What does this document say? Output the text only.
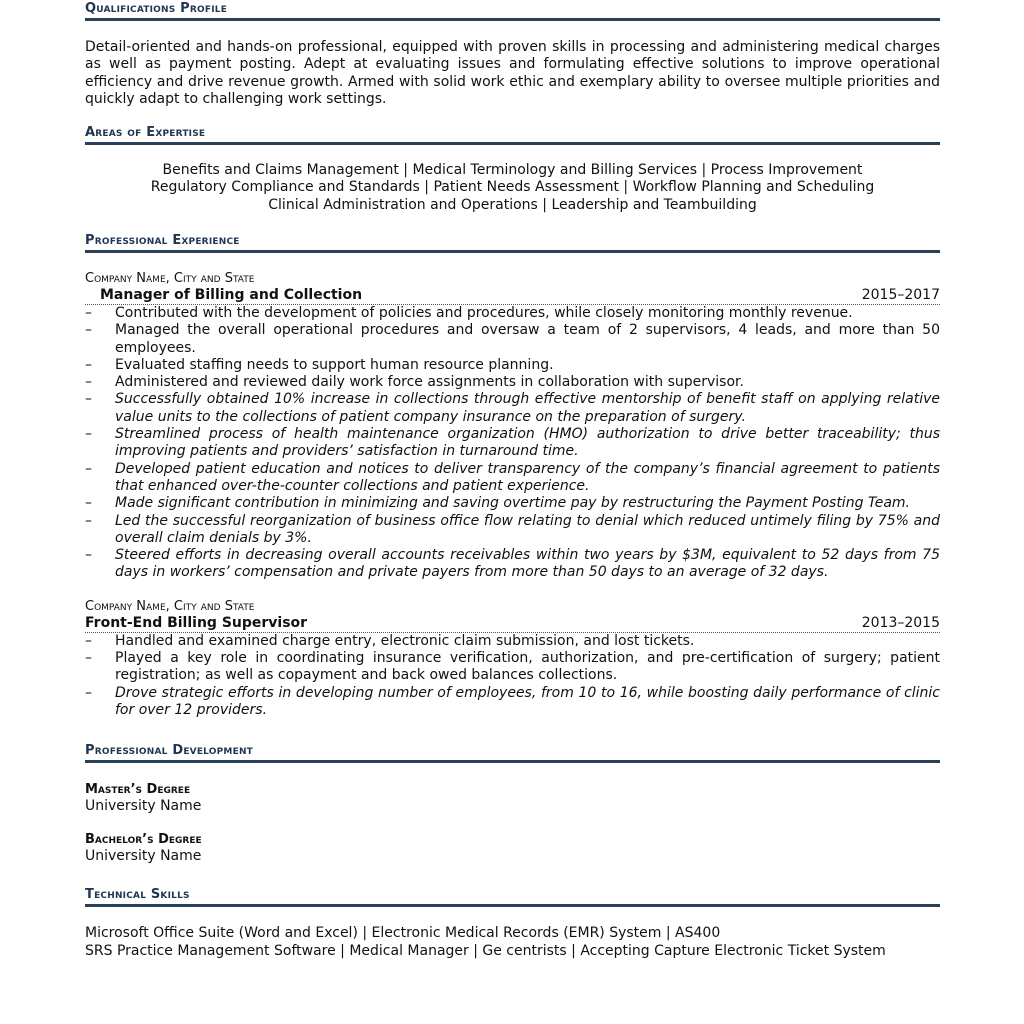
Qualifications Profile
Detail-oriented and hands-on professional, equipped with proven skills in processing and administering medical charges as well as payment posting. Adept at evaluating issues and formulating effective solutions to improve operational efficiency and drive revenue growth. Armed with solid work ethic and exemplary ability to oversee multiple priorities and quickly adapt to challenging work settings.
Areas of Expertise
Benefits and Claims Management | Medical Terminology and Billing Services | Process Improvement
Regulatory Compliance and Standards | Patient Needs Assessment | Workflow Planning and Scheduling
Clinical Administration and Operations | Leadership and Teambuilding
Professional Experience
Company Name, City and State
Manager of Billing and Collection	2015–2017
– Contributed with the development of policies and procedures, while closely monitoring monthly revenue.
– Managed the overall operational procedures and oversaw a team of 2 supervisors, 4 leads, and more than 50 employees.
– Evaluated staffing needs to support human resource planning.
– Administered and reviewed daily work force assignments in collaboration with supervisor.
– Successfully obtained 10% increase in collections through effective mentorship of benefit staff on applying relative value units to the collections of patient company insurance on the preparation of surgery.
– Streamlined process of health maintenance organization (HMO) authorization to drive better traceability; thus improving patients and providers’ satisfaction in turnaround time.
– Developed patient education and notices to deliver transparency of the company’s financial agreement to patients that enhanced over-the-counter collections and patient experience.
– Made significant contribution in minimizing and saving overtime pay by restructuring the Payment Posting Team.
– Led the successful reorganization of business office flow relating to denial which reduced untimely filing by 75% and overall claim denials by 3%.
– Steered efforts in decreasing overall accounts receivables within two years by $3M, equivalent to 52 days from 75 days in workers’ compensation and private payers from more than 50 days to an average of 32 days.
Company Name, City and State
Front-End Billing Supervisor	2013–2015
– Handled and examined charge entry, electronic claim submission, and lost tickets.
– Played a key role in coordinating insurance verification, authorization, and pre-certification of surgery; patient registration; as well as copayment and back owed balances collections.
– Drove strategic efforts in developing number of employees, from 10 to 16, while boosting daily performance of clinic for over 12 providers.
Professional Development
Master’s Degree
University Name
Bachelor’s Degree
University Name
Technical Skills
Microsoft Office Suite (Word and Excel) | Electronic Medical Records (EMR) System | AS400
SRS Practice Management Software | Medical Manager | Ge centrists | Accepting Capture Electronic Ticket System
